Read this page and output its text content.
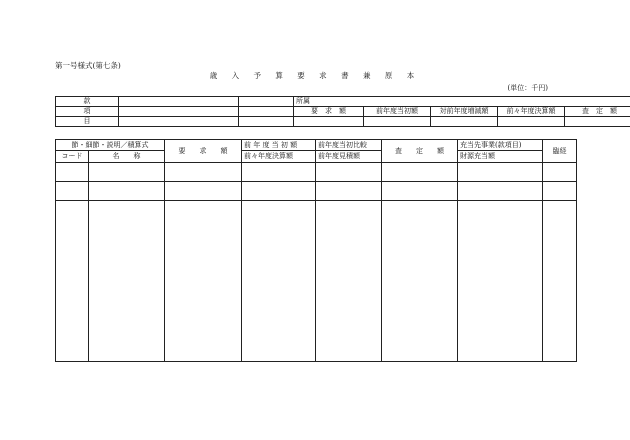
第一号様式(第七条)
歳 入 予 算 要 求 書 兼 原 本
(単位：千円)
款			所属				
項			要　求　額	前年度当初額	対前年度増減額	前々年度決算額	査　定　額
目							
節・細節・説明／積算式		要　　求　　額	前 年 度 当 初 額	前年度当初比較	査　　定　　額	充当先事業(款項目)	臨経
コード	名　　称		前々年度決算額	前年度見積額		財源充当額	
